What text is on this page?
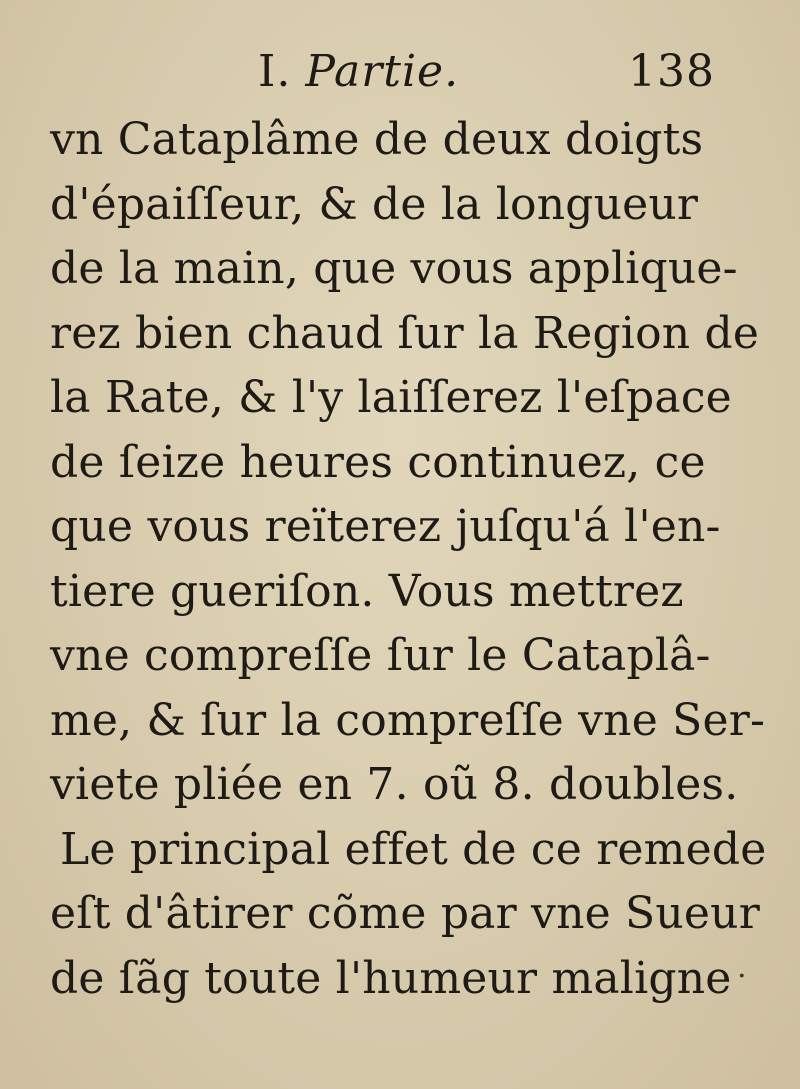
I. Partie.	138
vn Cataplâme de deux doigts
d'épaiſſeur, & de la longueur
de la main, que vous applique-
rez bien chaud ſur la Region de
la Rate, & l'y laiſſerez l'eſpace
de ſeize heures continuez, ce
que vous reïterez juſqu'á l'en-
tiere gueriſon. Vous mettrez
vne compreſſe ſur le Cataplâ-
me, & ſur la compreſſe vne Ser-
viete pliée en 7. oũ 8. doubles.
Le principal effet de ce remede
eſt d'âtirer cõme par vne Sueur
de ſãg toute l'humeur maligne .
